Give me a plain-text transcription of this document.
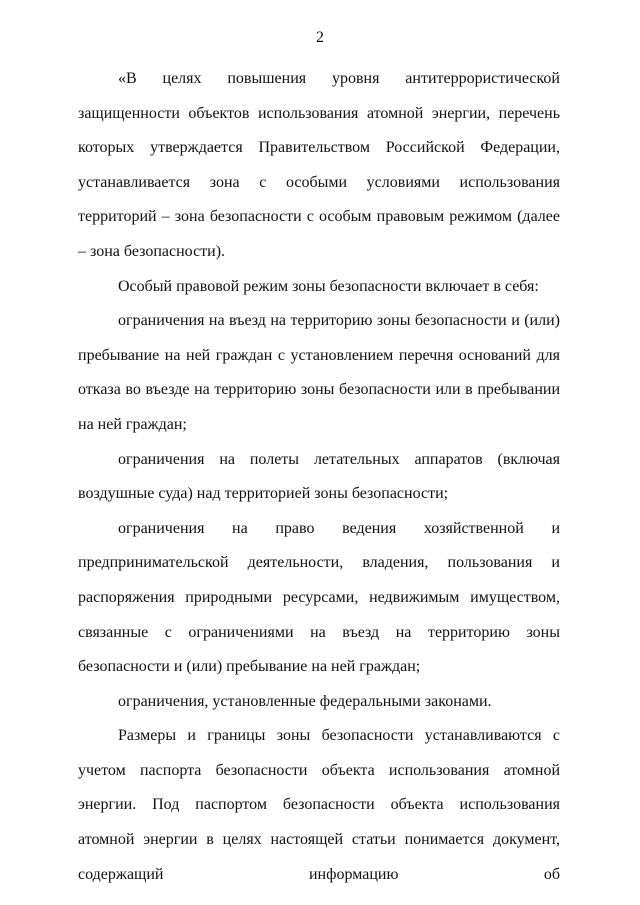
2

«В целях повышения уровня антитеррористической защищенности объектов использования атомной энергии, перечень которых утверждается Правительством Российской Федерации, устанавливается зона с особыми условиями использования территорий – зона безопасности с особым правовым режимом (далее – зона безопасности).

Особый правовой режим зоны безопасности включает в себя:

ограничения на въезд на территорию зоны безопасности и (или) пребывание на ней граждан с установлением перечня оснований для отказа во въезде на территорию зоны безопасности или в пребывании на ней граждан;

ограничения на полеты летательных аппаратов (включая воздушные суда) над территорией зоны безопасности;

ограничения на право ведения хозяйственной и предпринимательской деятельности, владения, пользования и распоряжения природными ресурсами, недвижимым имуществом, связанные с ограничениями на въезд на территорию зоны безопасности и (или) пребывание на ней граждан;

ограничения, установленные федеральными законами.

Размеры и границы зоны безопасности устанавливаются с учетом паспорта безопасности объекта использования атомной энергии. Под паспортом безопасности объекта использования атомной энергии в целях настоящей статьи понимается документ, содержащий информацию об
